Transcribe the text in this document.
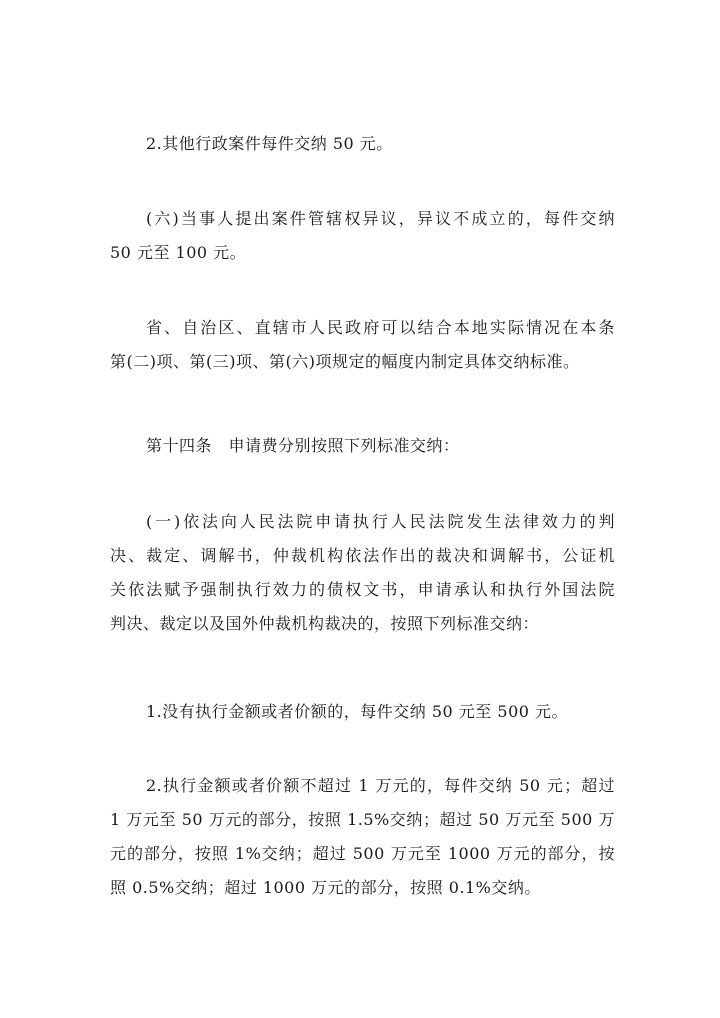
2.其他行政案件每件交纳 50 元。
(六)当事人提出案件管辖权异议，异议不成立的，每件交纳
50 元至 100 元。
省、自治区、直辖市人民政府可以结合本地实际情况在本条
第(二)项、第(三)项、第(六)项规定的幅度内制定具体交纳标准。
第十四条　申请费分别按照下列标准交纳：
(一)依法向人民法院申请执行人民法院发生法律效力的判
决、裁定、调解书，仲裁机构依法作出的裁决和调解书，公证机
关依法赋予强制执行效力的债权文书，申请承认和执行外国法院
判决、裁定以及国外仲裁机构裁决的，按照下列标准交纳：
1.没有执行金额或者价额的，每件交纳 50 元至 500 元。
2.执行金额或者价额不超过 1 万元的，每件交纳 50 元；超过
1 万元至 50 万元的部分，按照 1.5%交纳；超过 50 万元至 500 万
元的部分，按照 1%交纳；超过 500 万元至 1000 万元的部分，按
照 0.5%交纳；超过 1000 万元的部分，按照 0.1%交纳。
